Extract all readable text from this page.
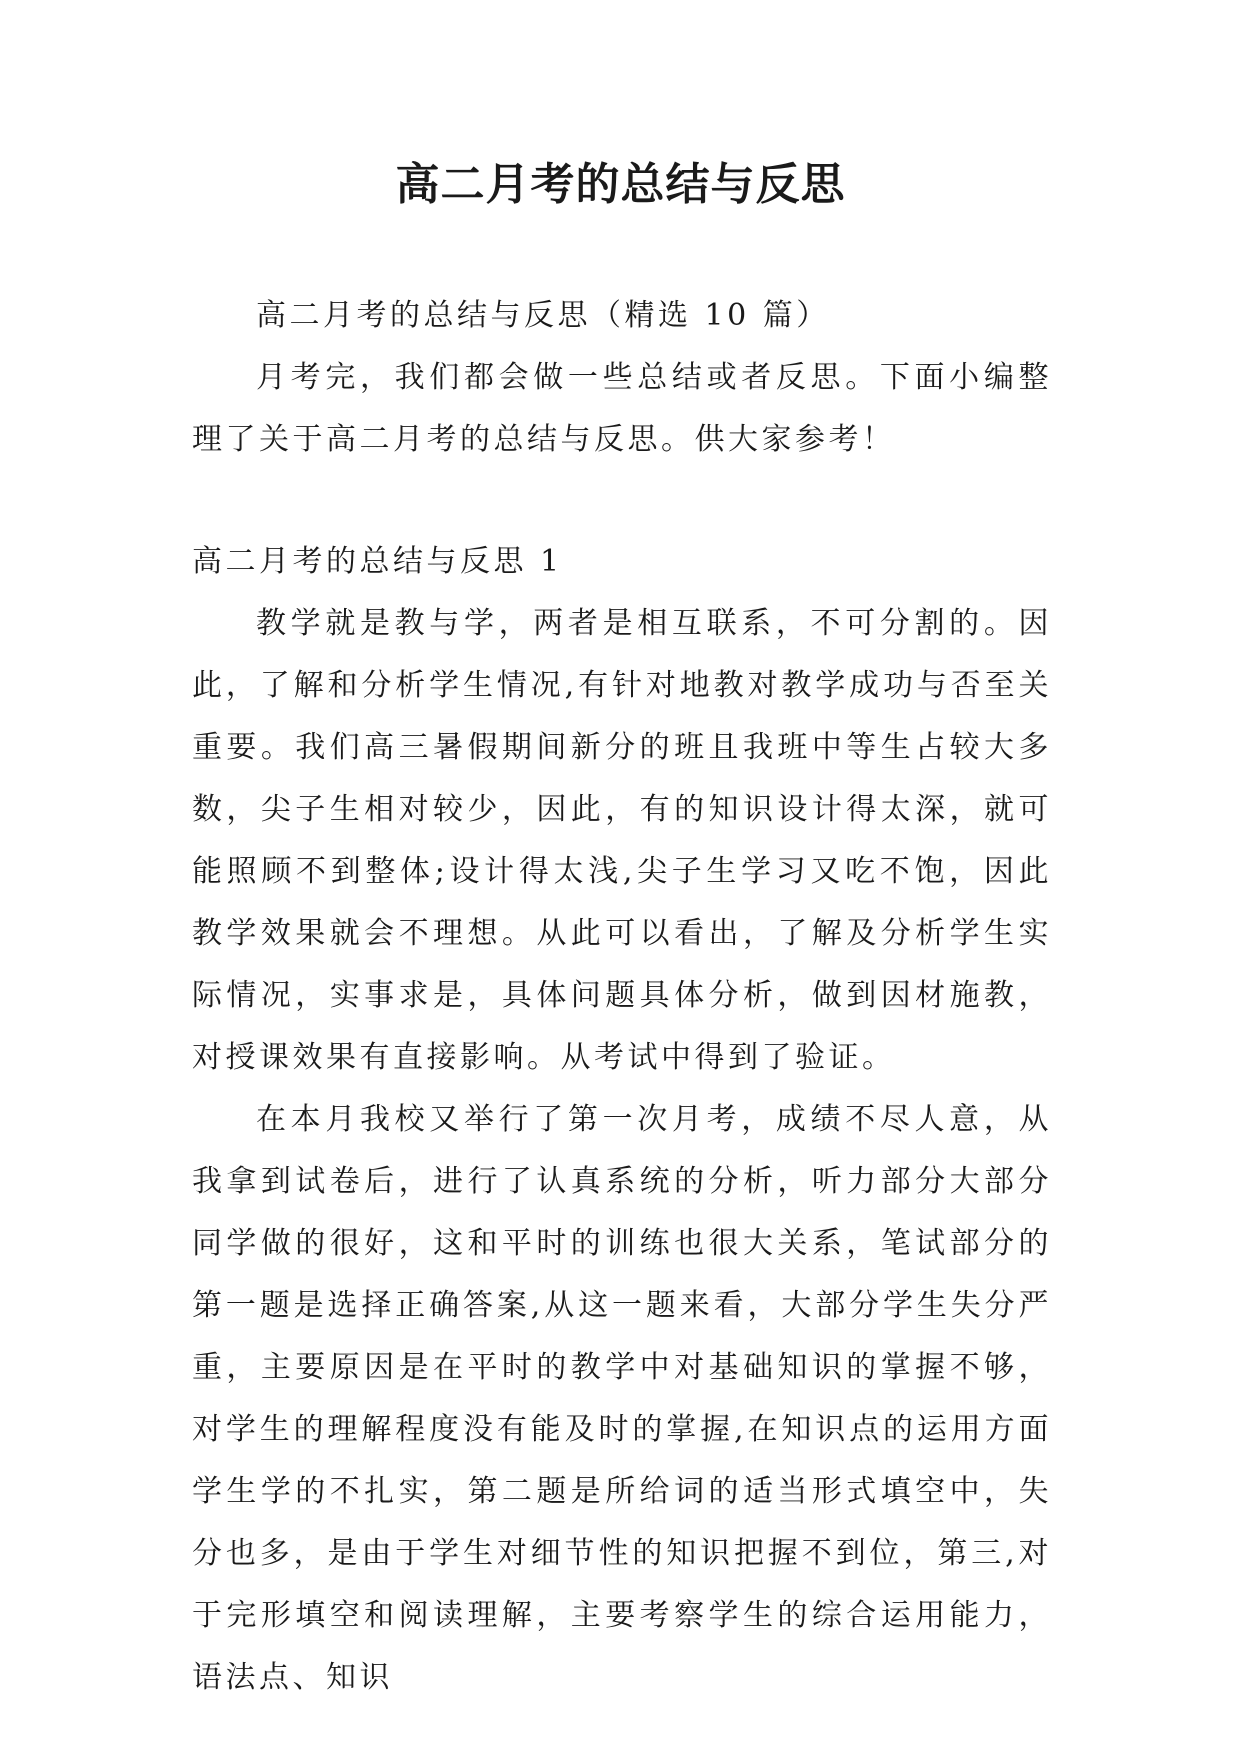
高二月考的总结与反思

高二月考的总结与反思（精选 10 篇）

月考完，我们都会做一些总结或者反思。下面小编整理了关于高二月考的总结与反思。供大家参考！

高二月考的总结与反思 1

教学就是教与学，两者是相互联系，不可分割的。因此，了解和分析学生情况,有针对地教对教学成功与否至关重要。我们高三暑假期间新分的班且我班中等生占较大多数，尖子生相对较少，因此，有的知识设计得太深，就可能照顾不到整体;设计得太浅,尖子生学习又吃不饱，因此教学效果就会不理想。从此可以看出，了解及分析学生实际情况，实事求是，具体问题具体分析，做到因材施教，对授课效果有直接影响。从考试中得到了验证。

在本月我校又举行了第一次月考，成绩不尽人意，从我拿到试卷后，进行了认真系统的分析，听力部分大部分同学做的很好，这和平时的训练也很大关系，笔试部分的第一题是选择正确答案,从这一题来看，大部分学生失分严重，主要原因是在平时的教学中对基础知识的掌握不够，对学生的理解程度没有能及时的掌握,在知识点的运用方面学生学的不扎实，第二题是所给词的适当形式填空中，失分也多，是由于学生对细节性的知识把握不到位，第三,对于完形填空和阅读理解，主要考察学生的综合运用能力，语法点、知识
